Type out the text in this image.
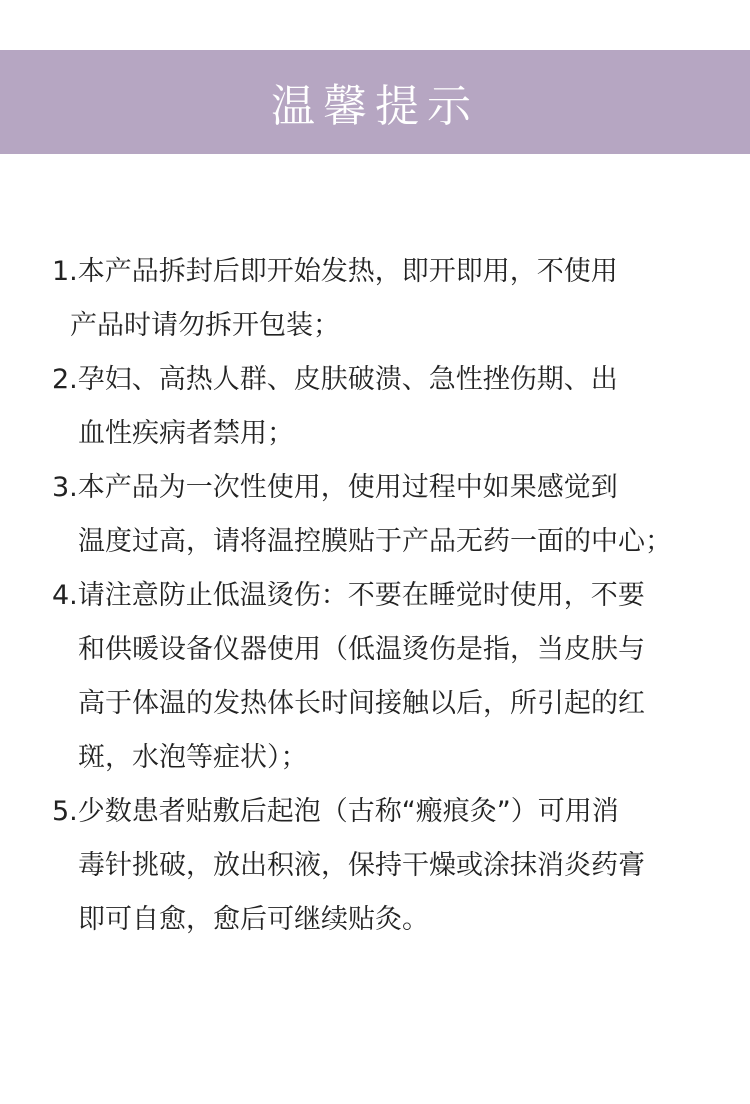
温馨提示
1.本产品拆封后即开始发热，即开即用，不使用
产品时请勿拆开包装；
2.孕妇、高热人群、皮肤破溃、急性挫伤期、出
血性疾病者禁用；
3.本产品为一次性使用，使用过程中如果感觉到
温度过高，请将温控膜贴于产品无药一面的中心；
4.请注意防止低温烫伤：不要在睡觉时使用，不要
和供暖设备仪器使用（低温烫伤是指，当皮肤与
高于体温的发热体长时间接触以后，所引起的红
斑，水泡等症状）；
5.少数患者贴敷后起泡（古称“瘢痕灸”）可用消
毒针挑破，放出积液，保持干燥或涂抹消炎药膏
即可自愈，愈后可继续贴灸。
